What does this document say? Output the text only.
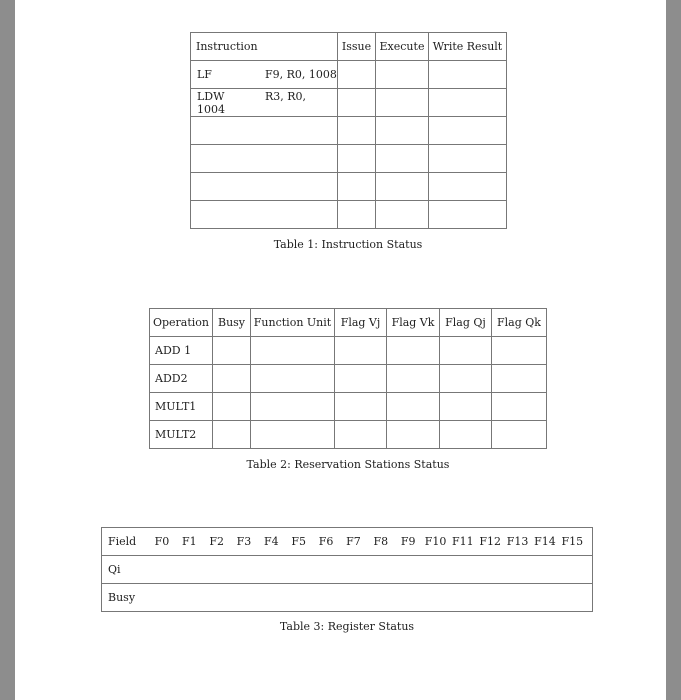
Instruction	Issue	Execute	Write Result
LF F9, R0, 1008			
LDW R3, R0, 1004			

Table 1: Instruction Status
Operation	Busy	Function Unit	Flag Vj	Flag Vk	Flag Qj	Flag Qk
ADD 1						
ADD2						
MULT1						
MULT2						
Table 2: Reservation Stations Status
Field	F0	F1	F2	F3	F4	F5	F6	F7	F8	F9 F10 F11 F12 F13 F14 F15

Qi
Busy
Table 3: Register Status
